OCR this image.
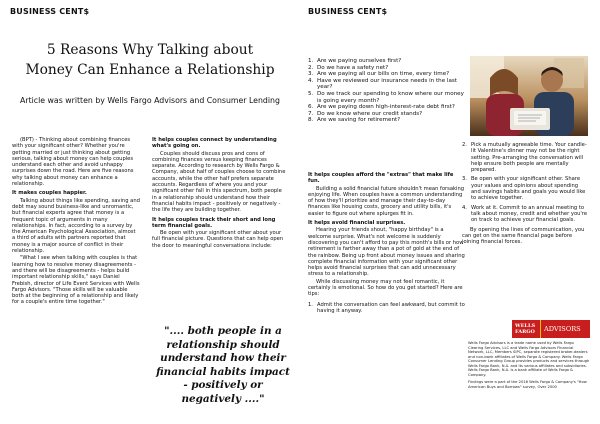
BUSINESS CENT$
5 Reasons Why Talking about
Money Can Enhance a Relationship
Article was written by Wells Fargo Advisors and Consumer Lending

(BPT) - Thinking about combining finances with your significant other? Whether you're getting married or just thinking about getting serious, talking about money can help couples understand each other and avoid unhappy surprises down the road. Here are five reasons why talking about money can enhance a relationship.

It makes couples happier.

Talking about things like spending, saving and debt may sound business-like and unromantic, but financial experts agree that money is a frequent topic of arguments in many relationships. In fact, according to a survey by the American Psychological Association, almost a third of adults with partners reported that money is a major source of conflict in their relationship.

"What I see when talking with couples is that learning how to resolve money disagreements - and there will be disagreements - helps build important relationship skills," says Daniel Frebish, director of Life Event Services with Wells Fargo Advisors. "Those skills will be valuable both at the beginning of a relationship and likely for a couple's entire time together."

It helps couples connect by understanding what's going on.

Couples should discuss pros and cons of combining finances versus keeping finances separate. According to research by Wells Fargo & Company, about half of couples choose to combine accounts, while the other half prefers separate accounts. Regardless of where you and your significant other fall in this spectrum, both people in a relationship should understand how their financial habits impact - positively or negatively - the life they are building together.

It helps couples track their short and long term financial goals.

Be open with your significant other about your full financial picture. Questions that can help open the door to meaningful conversations include:

".... both people in a relationship should understand how their financial habits impact - positively or negatively ...."
BUSINESS CENT$
1. Are we paying ourselves first?
2. Do we have a safety net?
3. Are we paying all our bills on time, every time?
4. Have we reviewed our insurance needs in the last year?
5. Do we track our spending to know where our money is going every month?
6. Are we paying down high-interest-rate debt first?
7. Do we know where our credit stands?
8. Are we saving for retirement?

It helps couples afford the "extras" that make life fun.

Building a solid financial future shouldn't mean forsaking enjoying life. When couples have a common understanding of how they'll prioritize and manage their day-to-day finances like housing costs, grocery and utility bills, it's easier to figure out where splurges fit in.

It helps avoid financial surprises.

Hearing your friends shout, "happy birthday" is a welcome surprise. What's not welcome is suddenly discovering you can't afford to pay this month's bills or how retirement is farther away than a pot of gold at the end of the rainbow. Being up front about money issues and sharing complete financial information with your significant other helps avoid financial surprises that can add unnecessary stress to a relationship.

While discussing money may not feel romantic, it certainly is emotional. So how do you get started? Here are tips:

1. Admit the conversation can feel awkward, but commit to having it anyway.
2. Pick a mutually agreeable time. Your candle-lit Valentine's dinner may not be the right setting. Pre-arranging the conversation will help ensure both people are mentally prepared.
3. Be open with your significant other. Share your values and opinions about spending and savings habits and goals you would like to achieve together.
4. Work at it. Commit to an annual meeting to talk about money, credit and whether you're on track to achieve your financial goals.

By opening the lines of communication, you can get on the same financial page before joining financial forces.

WELLS FARGO	ADVISORS
Wells Fargo Advisors is a trade name used by Wells Fargo Clearing Services, LLC and Wells Fargo Advisors Financial Network, LLC, Members SIPC, separate registered broker-dealers and non-bank affiliates of Wells Fargo & Company. Wells Fargo Consumer Lending Group provides products and services through Wells Fargo Bank, N.A. and its various affiliates and subsidiaries. Wells Fargo Bank, N.A. is a bank affiliate of Wells Fargo & Company.
Findings were a part of the 2016 Wells Fargo & Company's "How American Buys and Borrows" survey, Over 2000
